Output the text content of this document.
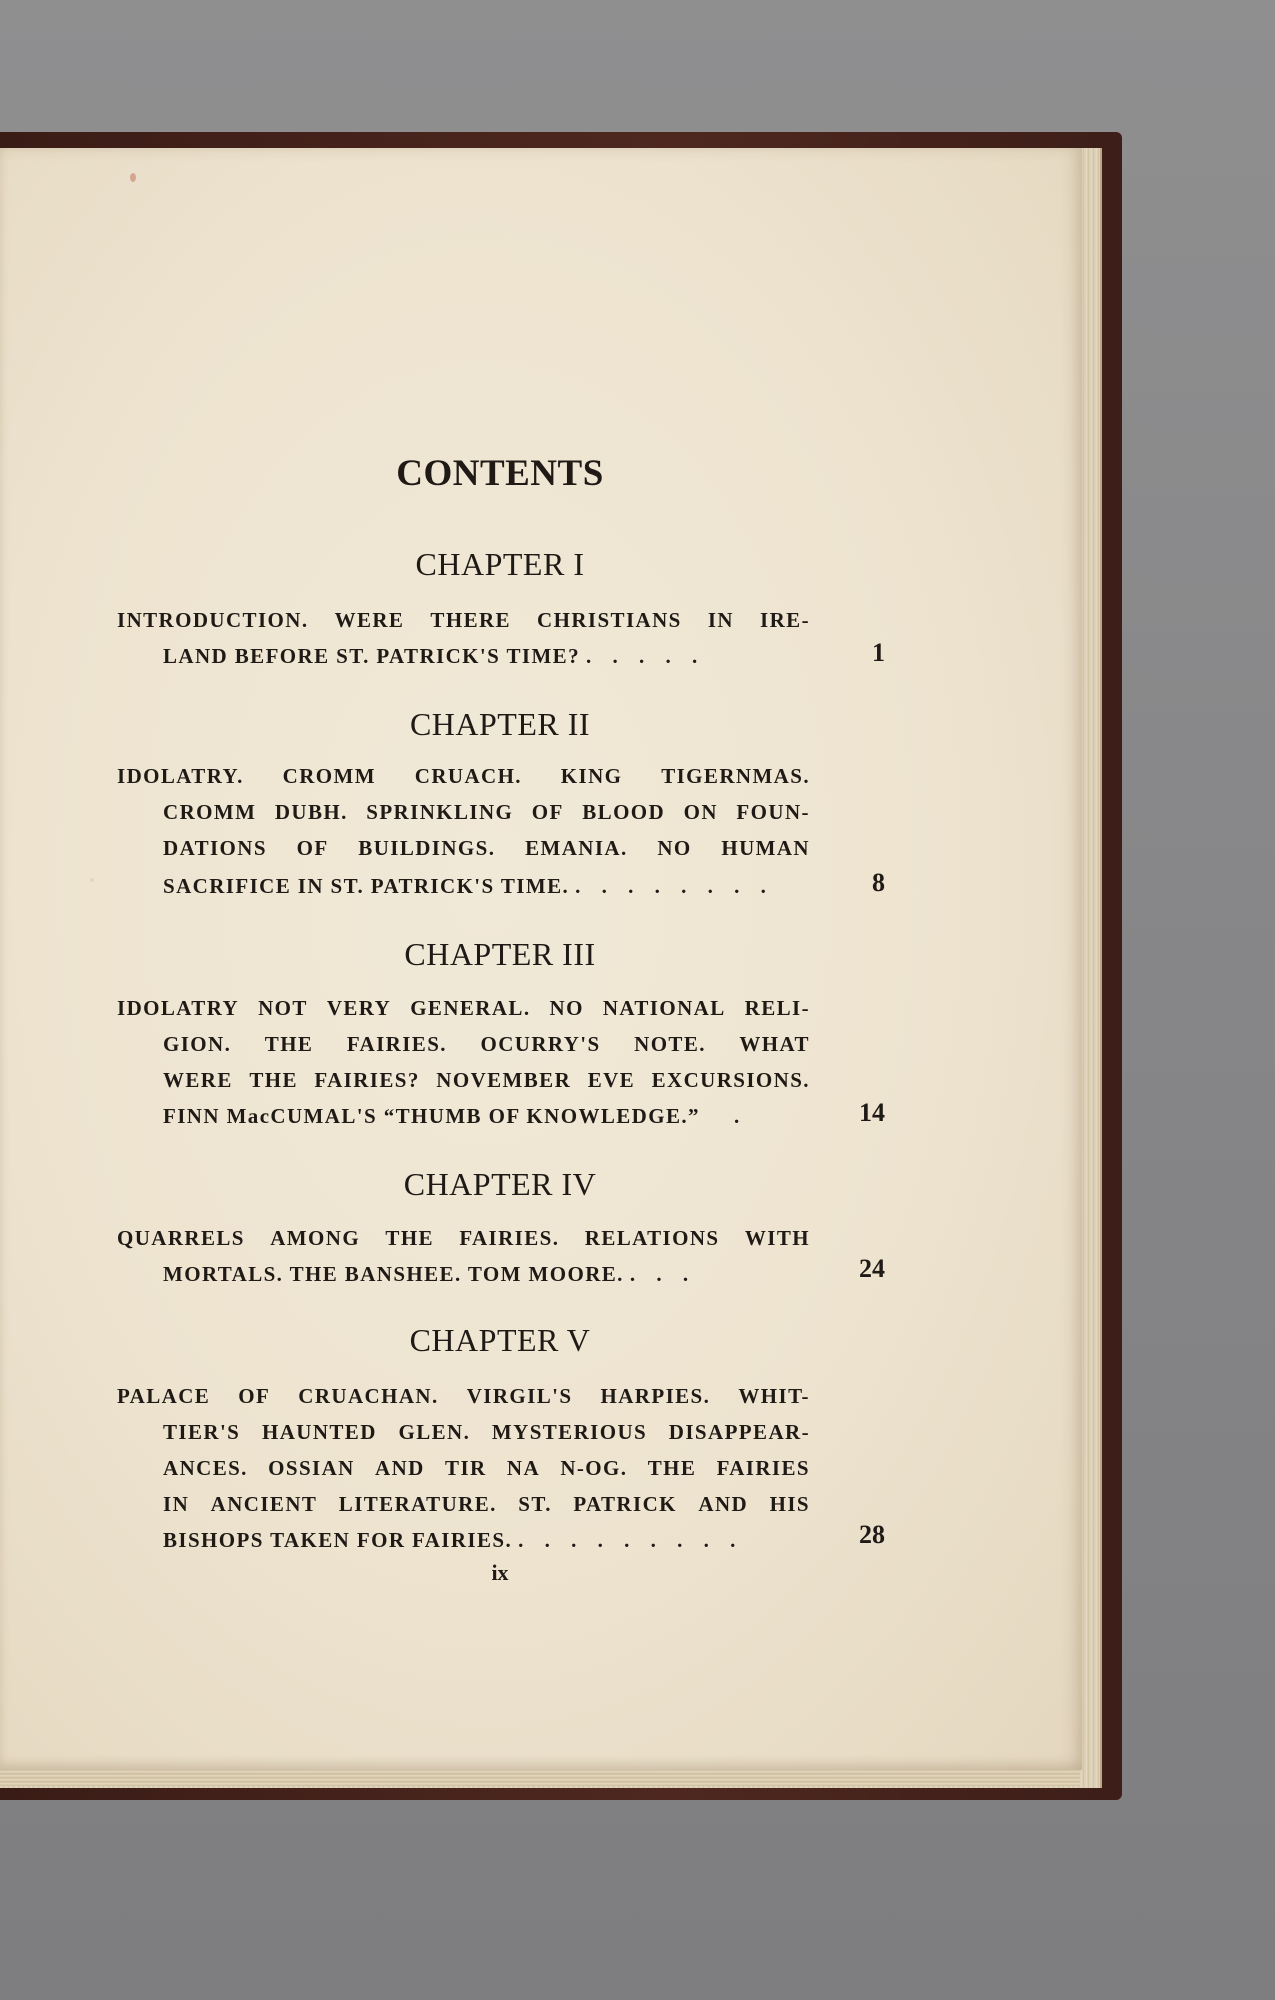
CONTENTS
CHAPTER I
INTRODUCTION. WERE THERE CHRISTIANS IN IRE-
LAND BEFORE ST. PATRICK'S TIME? . . . . .	1
CHAPTER II
IDOLATRY. CROMM CRUACH. KING TIGERNMAS.
CROMM DUBH. SPRINKLING OF BLOOD ON FOUN-
DATIONS OF BUILDINGS. EMANIA. NO HUMAN
SACRIFICE IN ST. PATRICK'S TIME. . . . . . . . .	8
CHAPTER III
IDOLATRY NOT VERY GENERAL. NO NATIONAL RELI-
GION. THE FAIRIES. OCURRY'S NOTE. WHAT
WERE THE FAIRIES? NOVEMBER EVE EXCURSIONS.
FINN MacCUMAL'S “THUMB OF KNOWLEDGE.” .	14
CHAPTER IV
QUARRELS AMONG THE FAIRIES. RELATIONS WITH
MORTALS. THE BANSHEE. TOM MOORE. . . .	24
CHAPTER V
PALACE OF CRUACHAN. VIRGIL'S HARPIES. WHIT-
TIER'S HAUNTED GLEN. MYSTERIOUS DISAPPEAR-
ANCES. OSSIAN AND TIR NA N-OG. THE FAIRIES
IN ANCIENT LITERATURE. ST. PATRICK AND HIS
BISHOPS TAKEN FOR FAIRIES. . . . . . . . . .	28
ix
